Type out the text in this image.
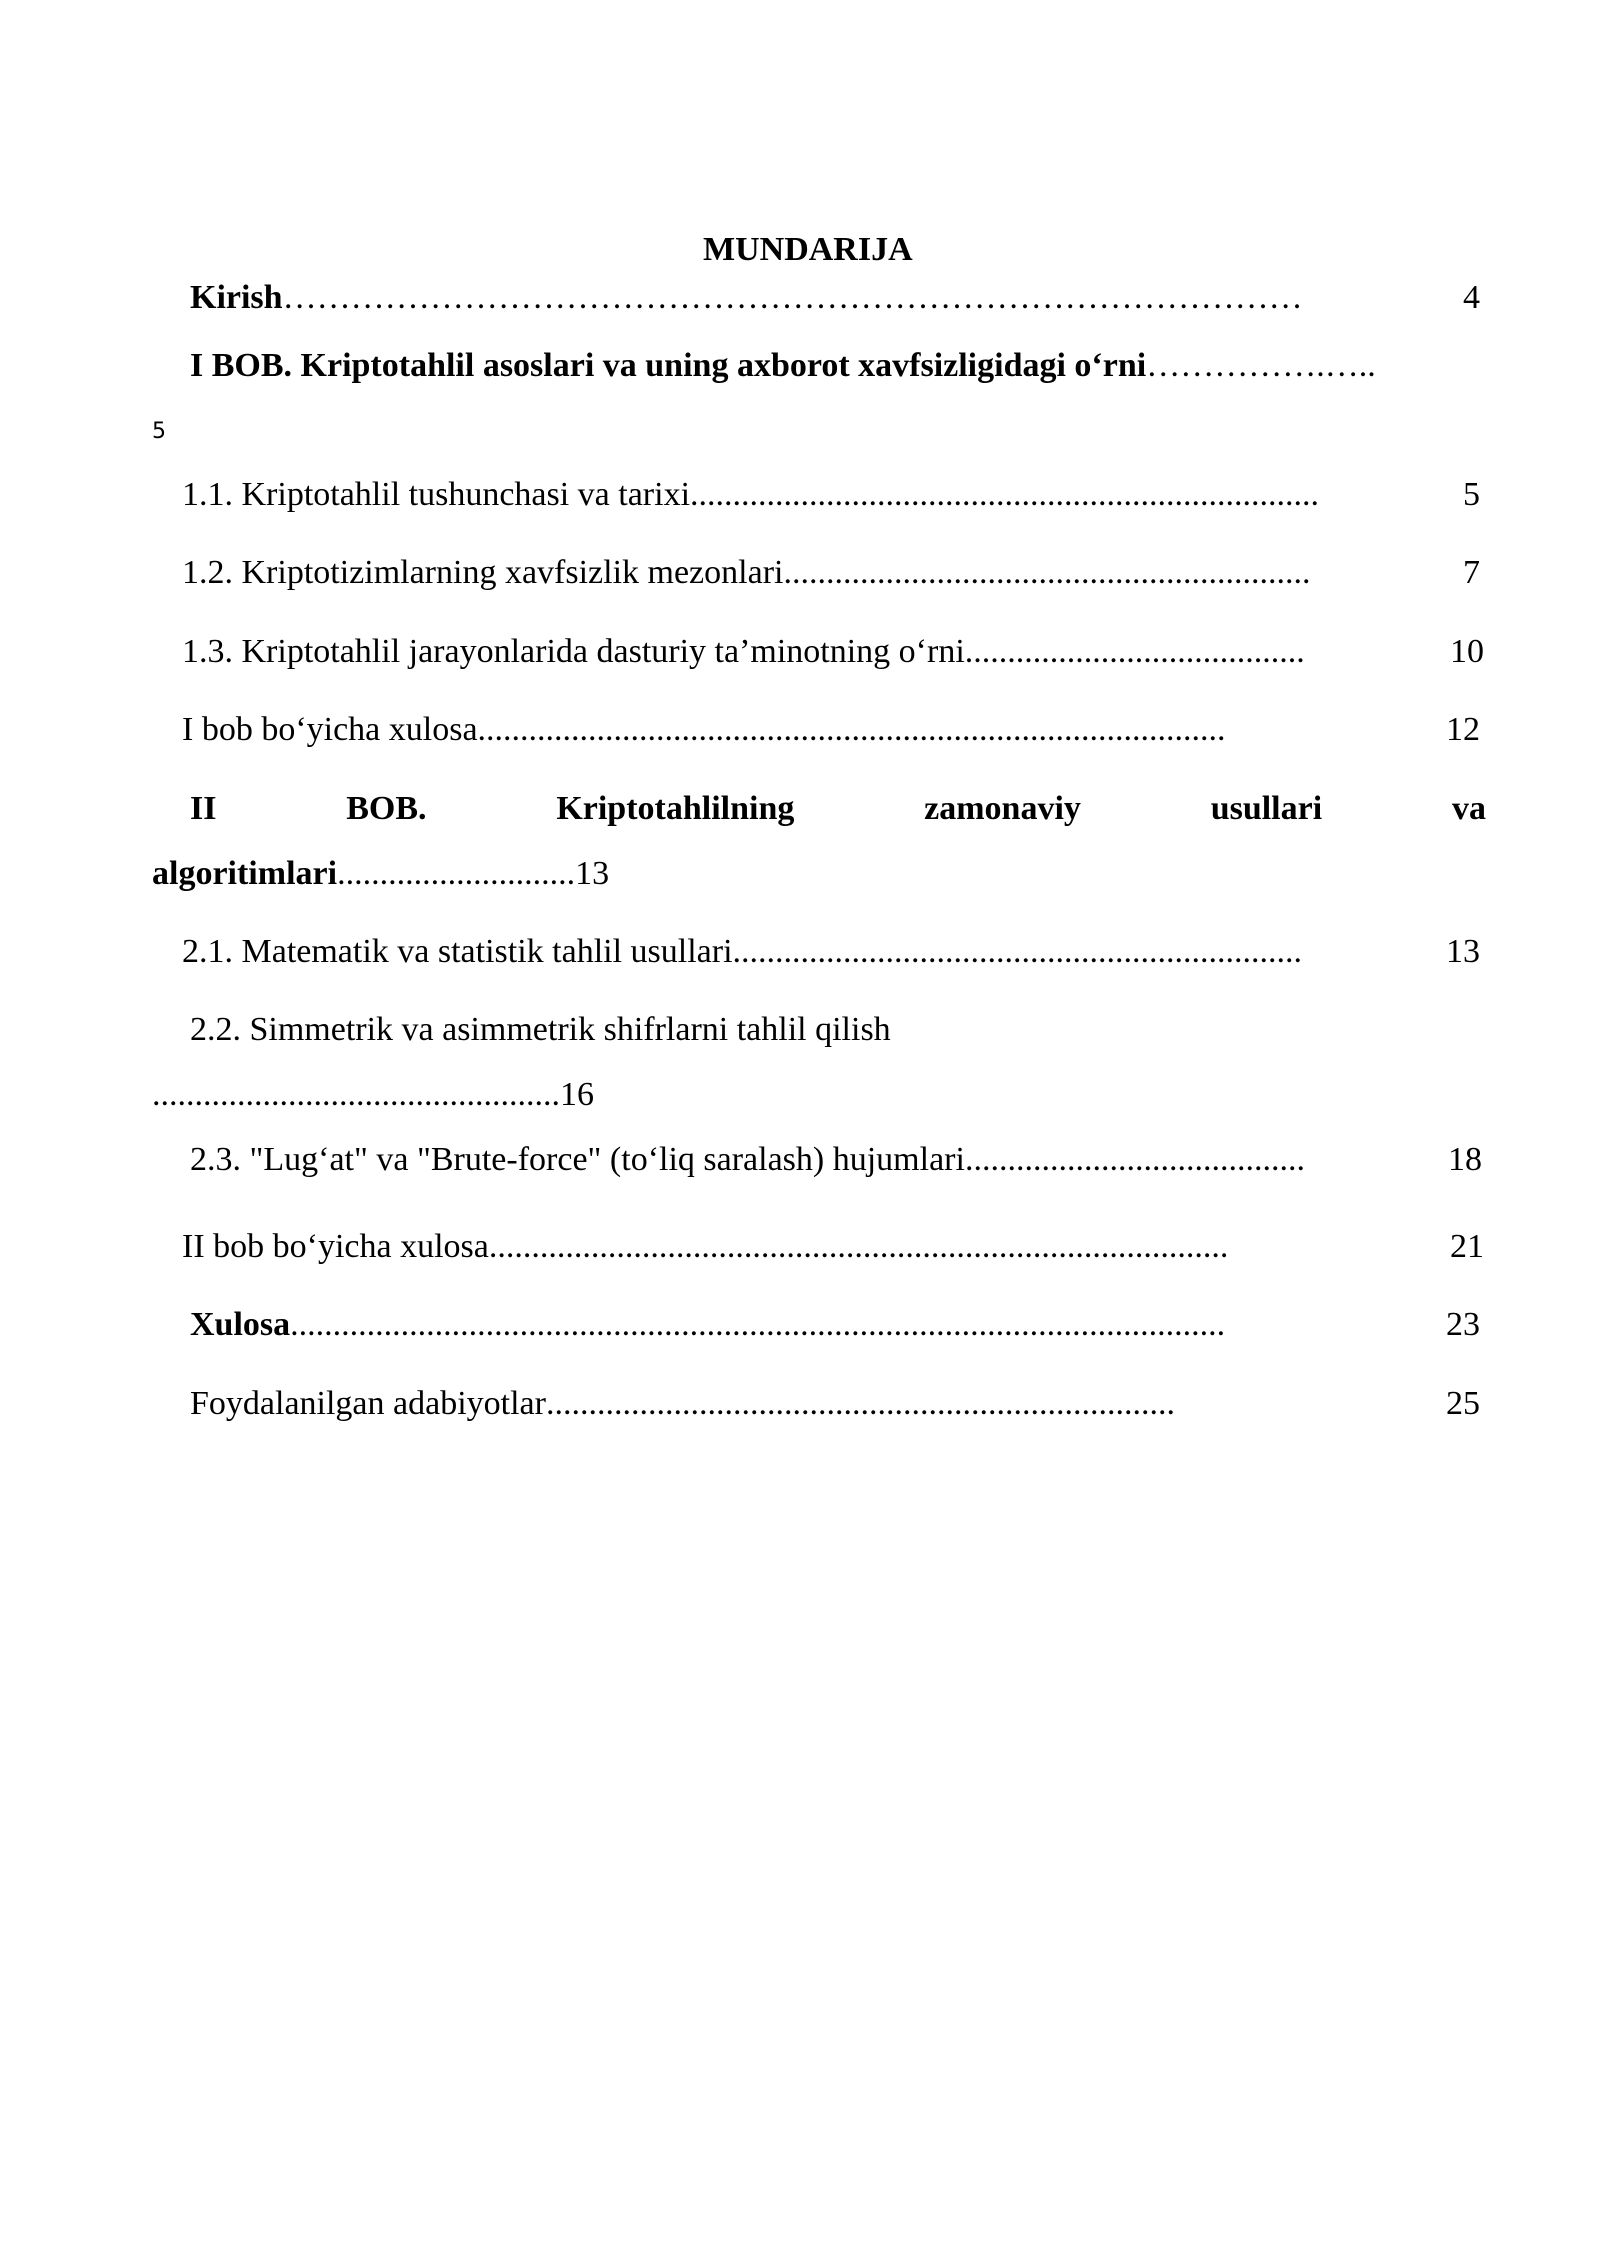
MUNDARIJA
Kirish ………………………………………………………………………………	4
I BOB. Kriptotahlil asoslari va uning axborot xavfsizligidagi o‘rni …………….…..
5
1.1. Kriptotahlil tushunchasi va tarixi ..........................................................................	5
1.2. Kriptotizimlarning xavfsizlik mezonlari ..............................................................	7
1.3. Kriptotahlil jarayonlarida dasturiy ta’minotning o‘rni ........................................	10
I bob bo‘yicha xulosa ........................................................................................	12
II	BOB.	Kriptotahlilning	zamonaviy	usullari	va
algoritimlari ............................ 13
2.1. Matematik va statistik tahlil usullari ...................................................................	13
2.2. Simmetrik va asimmetrik shifrlarni tahlil qilish
................................................ 16
2.3. "Lug‘at" va "Brute-force" (to‘liq saralash) hujumlari ........................................	18
II bob bo‘yicha xulosa .......................................................................................	21
Xulosa ..............................................................................................................	23
Foydalanilgan adabiyotlar ..........................................................................	25
